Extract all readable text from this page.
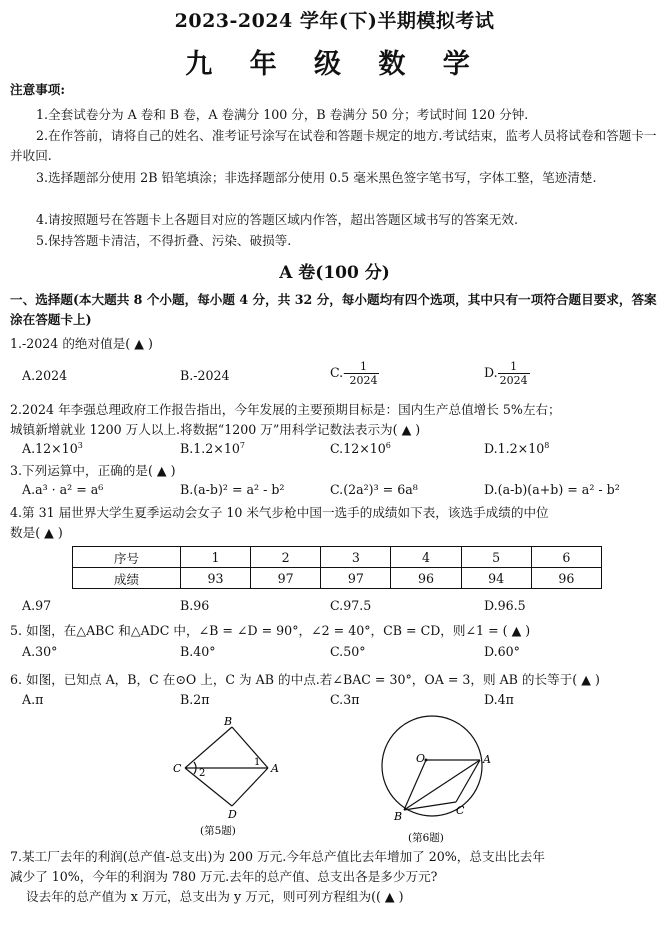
2023-2024 学年(下)半期模拟考试
九 年 级 数 学
注意事项:
1.全套试卷分为 A 卷和 B 卷，A 卷满分 100 分，B 卷满分 50 分；考试时间 120 分钟.
2.在作答前，请将自己的姓名、准考证号涂写在试卷和答题卡规定的地方.考试结束，监考人员将试卷和答题卡一并收回.
3.选择题部分使用 2B 铅笔填涂；非选择题部分使用 0.5 毫米黑色签字笔书写，字体工整，笔迹清楚.
4.请按照题号在答题卡上各题目对应的答题区域内作答，超出答题区域书写的答案无效.
5.保持答题卡清洁，不得折叠、污染、破损等.
A 卷(100 分)
一、选择题(本大题共 8 个小题，每小题 4 分，共 32 分，每小题均有四个选项，其中只有一项符合题目要求，答案涂在答题卡上)
1.-2024 的绝对值是( ▲ )
A.2024	B.-2024	$C.- \frac{1}{2024}$	D. $\frac{1}{2024}$
2.2024 年李强总理政府工作报告指出，今年发展的主要预期目标是：国内生产总值增长 5%左右；
城镇新增就业 1200 万人以上.将数据“1200 万”用科学记数法表示为( ▲ )
$A.12\times 10^3$	$B.1.2\times 10^7$	$C.12\times 10^6$	$D.1.2\times 10^8$
3.下列运算中，正确的是( ▲ )
A.a³ · a² = a⁶	B.(a-b)² = a² - b²	C.(2a²)³ = 6a⁸	D.(a-b)(a+b) = a² - b²
4.第 31 届世界大学生夏季运动会女子 10 米气步枪中国一选手的成绩如下表，该选手成绩的中位
数是( ▲ )
序号	1	2	3	4	5	6
成绩	93	97	97	96	94	96
A.97	B.96	C.97.5	D.96.5
5. 如图，在△ABC 和△ADC 中，∠B = ∠D = 90°，∠2 = 40°，CB = CD，则∠1 = ( ▲ )
A.30°	B.40°	C.50°	D.60°
6. 如图，已知点 A，B，C 在⊙O 上，C 为 AB 的中点.若∠BAC = 30°，OA = 3，则 AB 的长等于( ▲ )
A.π	B.2π	C.3π	D.4π
B
C	A
D
1
2
(第5题)
O	A
B	C
(第6题)
7.某工厂去年的利润(总产值-总支出)为 200 万元.今年总产值比去年增加了 20%，总支出比去年
减少了 10%，今年的利润为 780 万元.去年的总产值、总支出各是多少万元?
设去年的总产值为 x 万元，总支出为 y 万元，则可列方程组为(( ▲ )
